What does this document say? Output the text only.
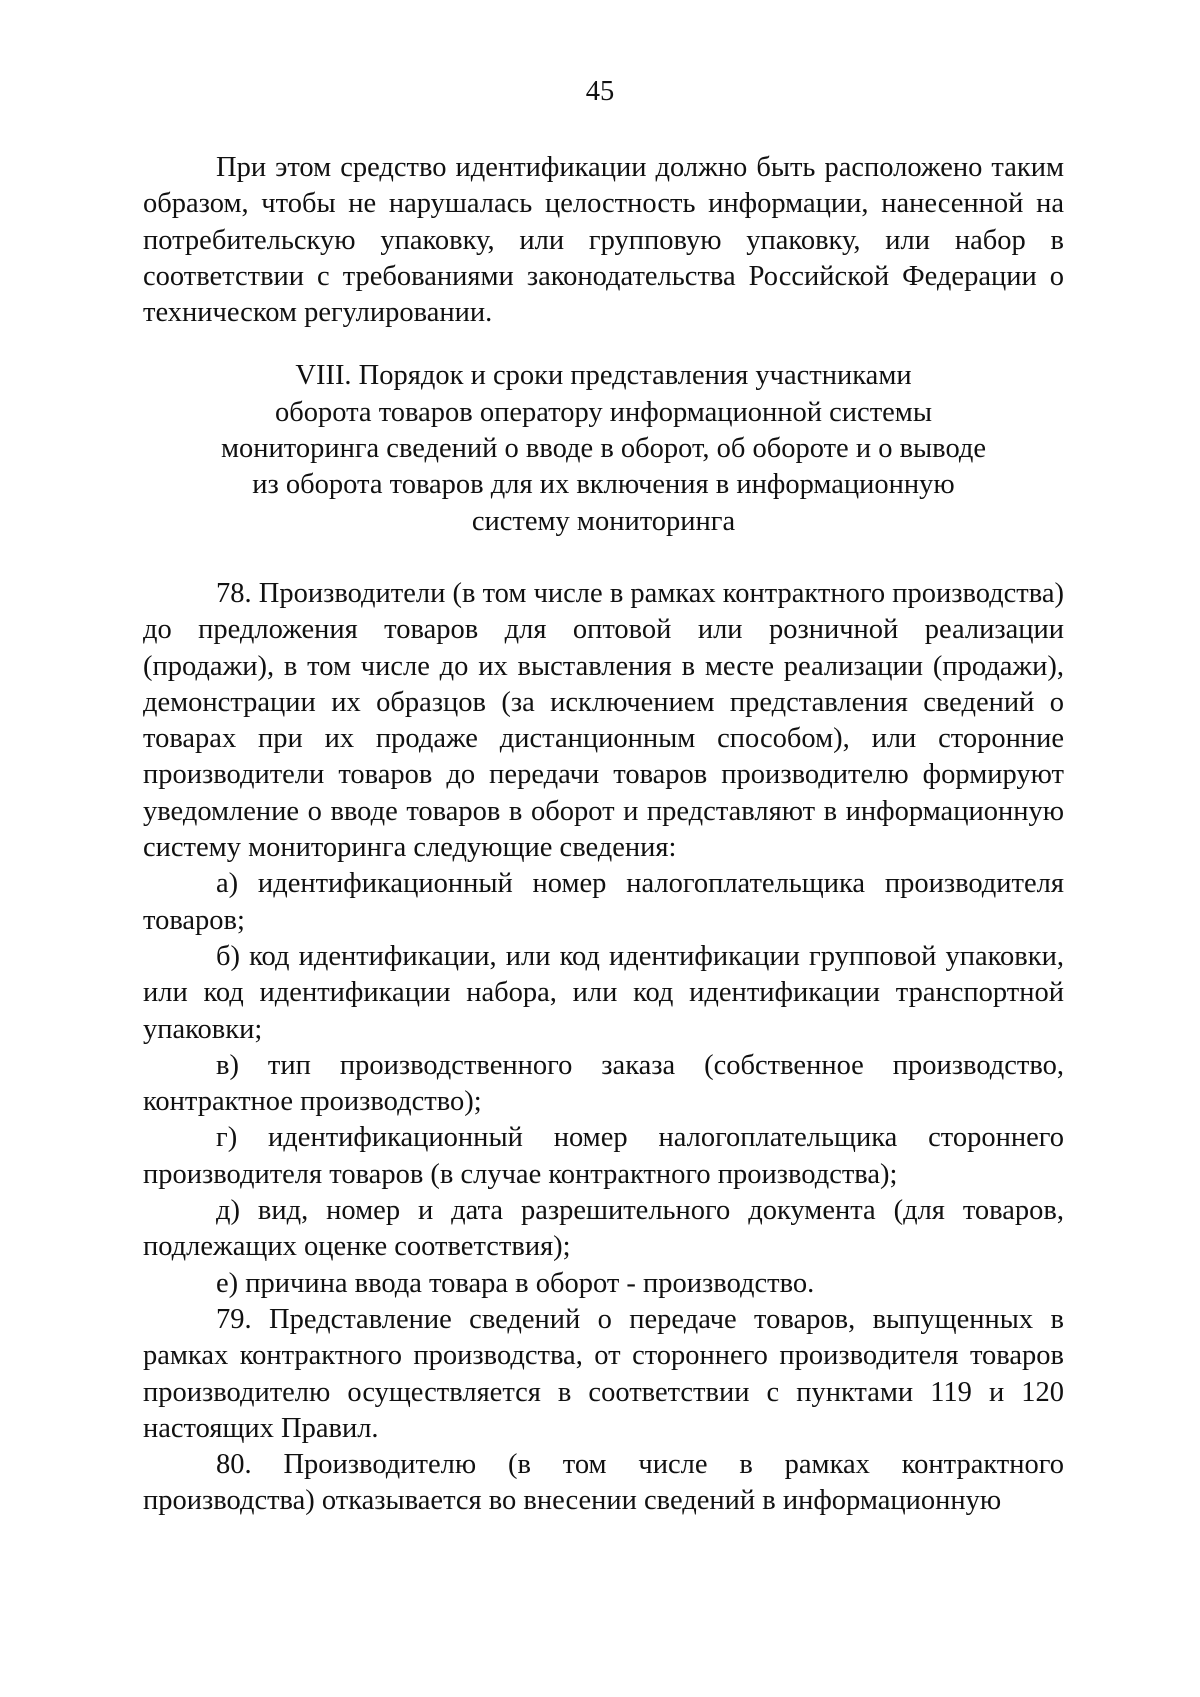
45

При этом средство идентификации должно быть расположено таким образом, чтобы не нарушалась целостность информации, нанесенной на потребительскую упаковку, или групповую упаковку, или набор в соответствии с требованиями законодательства Российской Федерации о техническом регулировании.

VIII. Порядок и сроки представления участниками
оборота товаров оператору информационной системы
мониторинга сведений о вводе в оборот, об обороте и о выводе
из оборота товаров для их включения в информационную
систему мониторинга

78. Производители (в том числе в рамках контрактного производства) до предложения товаров для оптовой или розничной реализации (продажи), в том числе до их выставления в месте реализации (продажи), демонстрации их образцов (за исключением представления сведений о товарах при их продаже дистанционным способом), или сторонние производители товаров до передачи товаров производителю формируют уведомление о вводе товаров в оборот и представляют в информационную систему мониторинга следующие сведения:

а) идентификационный номер налогоплательщика производителя товаров;

б) код идентификации, или код идентификации групповой упаковки, или код идентификации набора, или код идентификации транспортной упаковки;

в) тип производственного заказа (собственное производство, контрактное производство);

г) идентификационный номер налогоплательщика стороннего производителя товаров (в случае контрактного производства);

д) вид, номер и дата разрешительного документа (для товаров, подлежащих оценке соответствия);

е) причина ввода товара в оборот - производство.

79. Представление сведений о передаче товаров, выпущенных в рамках контрактного производства, от стороннего производителя товаров производителю осуществляется в соответствии с пунктами 119 и 120 настоящих Правил.

80. Производителю (в том числе в рамках контрактного производства) отказывается во внесении сведений в информационную
